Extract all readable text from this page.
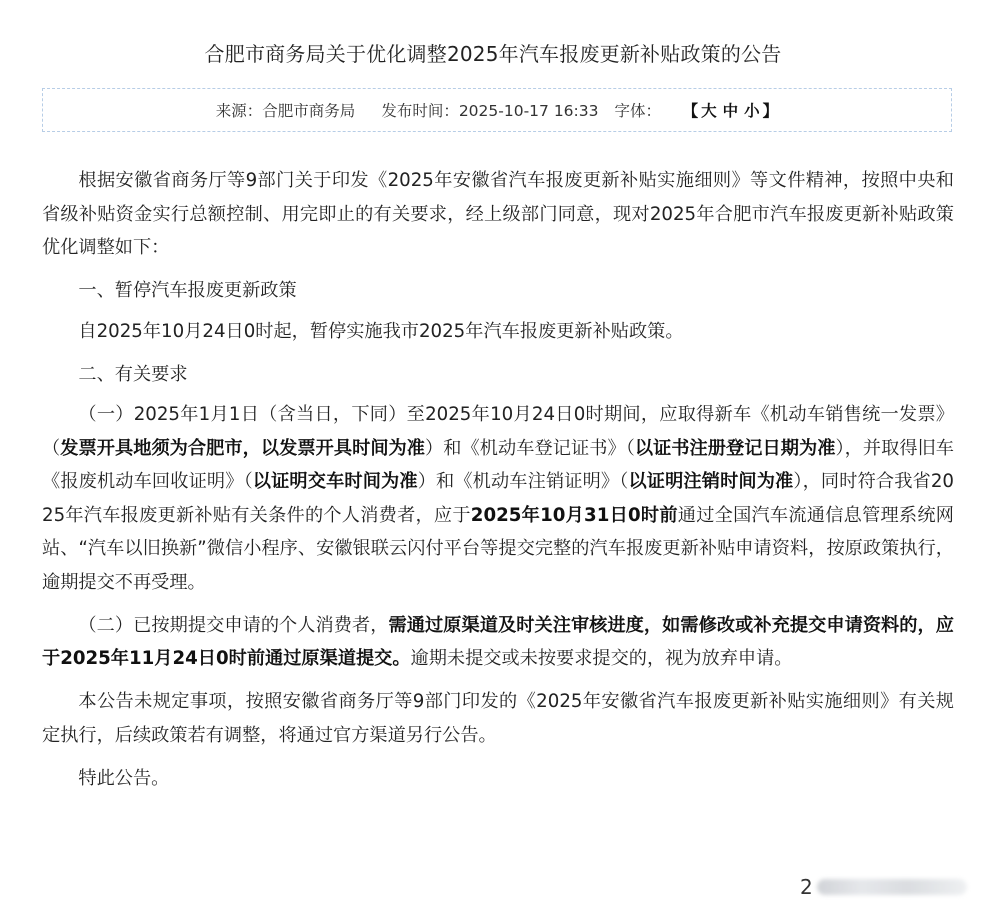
合肥市商务局关于优化调整2025年汽车报废更新补贴政策的公告
来源：合肥市商务局 发布时间：2025-10-17 16:33 字体：	【 大 中 小 】

根据安徽省商务厅等9部门关于印发《2025年安徽省汽车报废更新补贴实施细则》等文件精神，按照中央和省级补贴资金实行总额控制、用完即止的有关要求，经上级部门同意，现对2025年合肥市汽车报废更新补贴政策优化调整如下：

一、暂停汽车报废更新政策

自2025年10月24日0时起，暂停实施我市2025年汽车报废更新补贴政策。

二、有关要求

（一）2025年1月1日（含当日，下同）至2025年10月24日0时期间，应取得新车《机动车销售统一发票》（发票开具地须为合肥市，以发票开具时间为准）和《机动车登记证书》（以证书注册登记日期为准），并取得旧车《报废机动车回收证明》（以证明交车时间为准）和《机动车注销证明》（以证明注销时间为准），同时符合我省2025年汽车报废更新补贴有关条件的个人消费者，应于2025年10月31日0时前通过全国汽车流通信息管理系统网站、“汽车以旧换新”微信小程序、安徽银联云闪付平台等提交完整的汽车报废更新补贴申请资料，按原政策执行，逾期提交不再受理。

（二）已按期提交申请的个人消费者，需通过原渠道及时关注审核进度，如需修改或补充提交申请资料的，应于2025年11月24日0时前通过原渠道提交。逾期未提交或未按要求提交的，视为放弃申请。

本公告未规定事项，按照安徽省商务厅等9部门印发的《2025年安徽省汽车报废更新补贴实施细则》有关规定执行，后续政策若有调整，将通过官方渠道另行公告。

特此公告。

2
